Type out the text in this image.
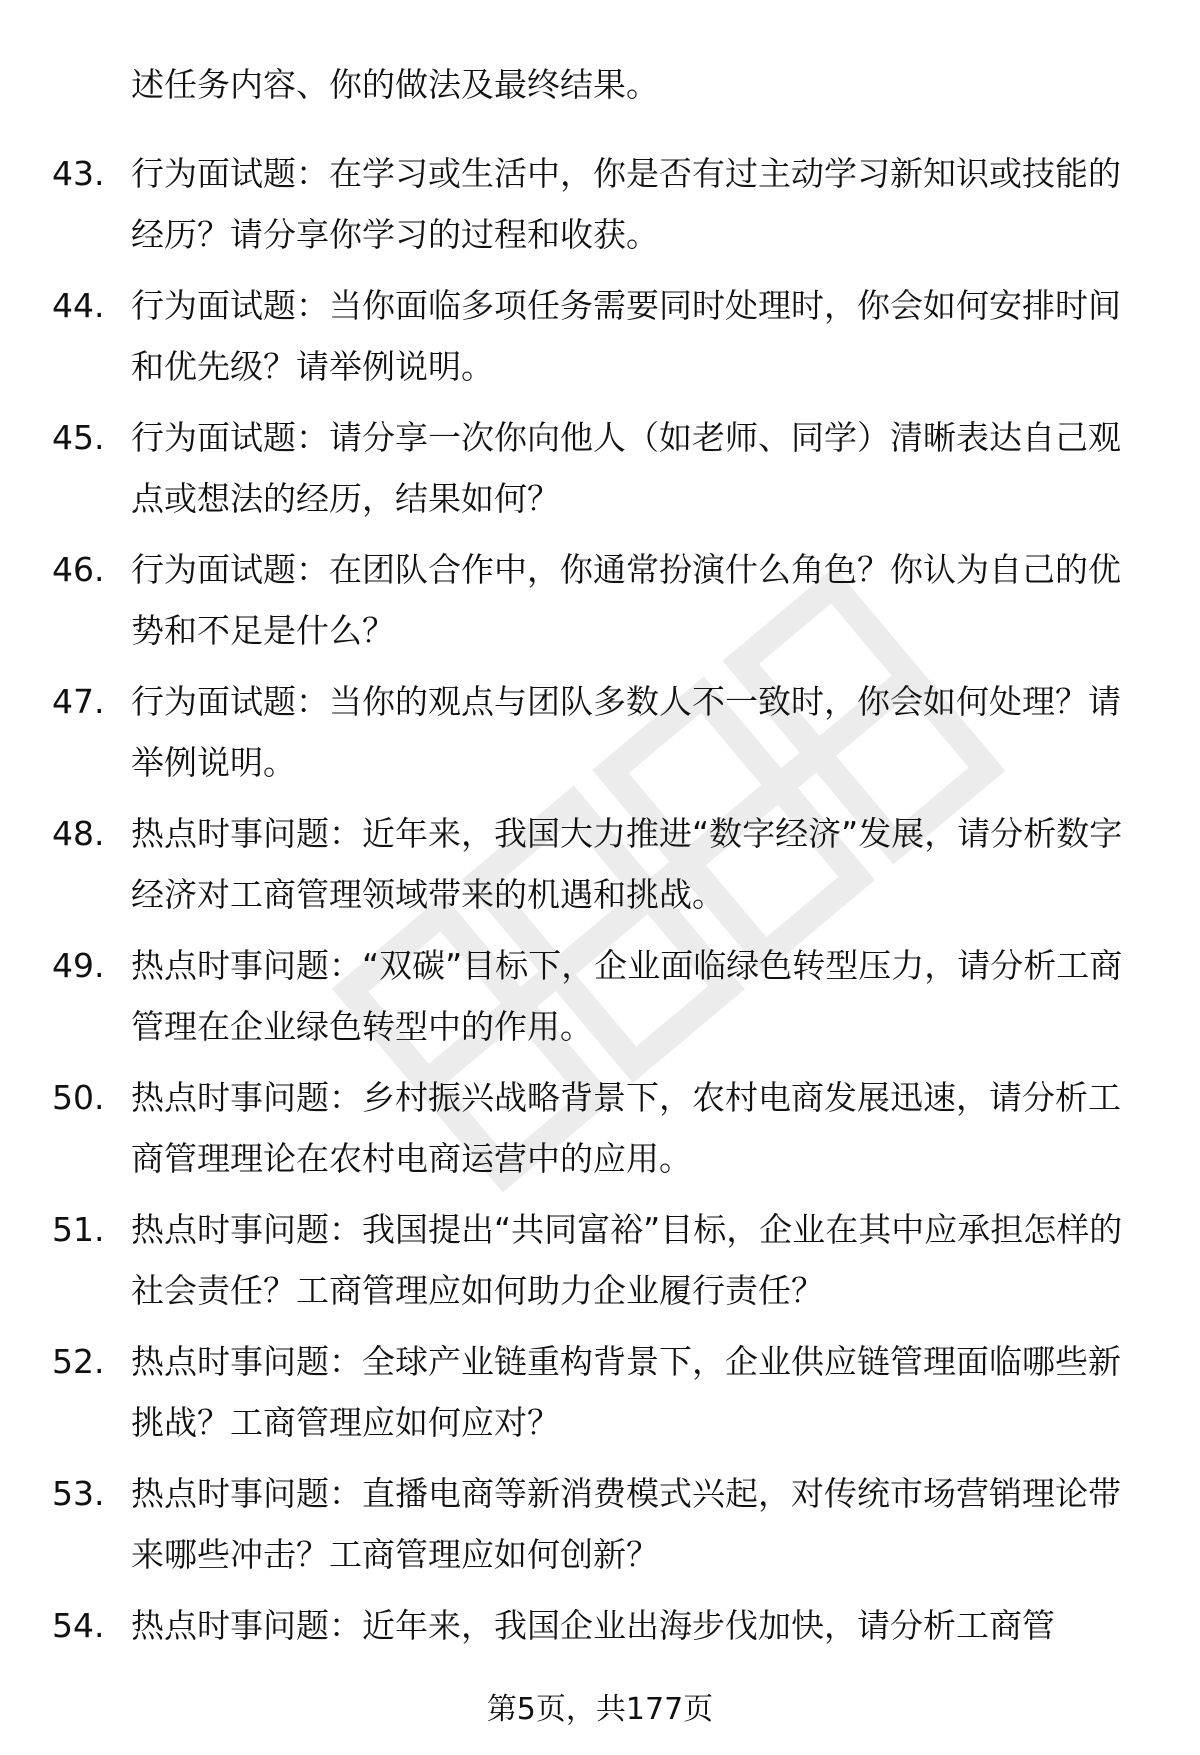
述任务内容、你的做法及最终结果。
43. 行为面试题：在学习或生活中，你是否有过主动学习新知识或技能的经历？请分享你学习的过程和收获。
44. 行为面试题：当你面临多项任务需要同时处理时，你会如何安排时间和优先级？请举例说明。
45. 行为面试题：请分享一次你向他人（如老师、同学）清晰表达自己观点或想法的经历，结果如何？
46. 行为面试题：在团队合作中，你通常扮演什么角色？你认为自己的优势和不足是什么？
47. 行为面试题：当你的观点与团队多数人不一致时，你会如何处理？请举例说明。
48. 热点时事问题：近年来，我国大力推进“数字经济”发展，请分析数字经济对工商管理领域带来的机遇和挑战。
49. 热点时事问题：“双碳”目标下，企业面临绿色转型压力，请分析工商管理在企业绿色转型中的作用。
50. 热点时事问题：乡村振兴战略背景下，农村电商发展迅速，请分析工商管理理论在农村电商运营中的应用。
51. 热点时事问题：我国提出“共同富裕”目标，企业在其中应承担怎样的社会责任？工商管理应如何助力企业履行责任？
52. 热点时事问题：全球产业链重构背景下，企业供应链管理面临哪些新挑战？工商管理应如何应对？
53. 热点时事问题：直播电商等新消费模式兴起，对传统市场营销理论带来哪些冲击？工商管理应如何创新？
54. 热点时事问题：近年来，我国企业出海步伐加快，请分析工商管
第5页，共177页
